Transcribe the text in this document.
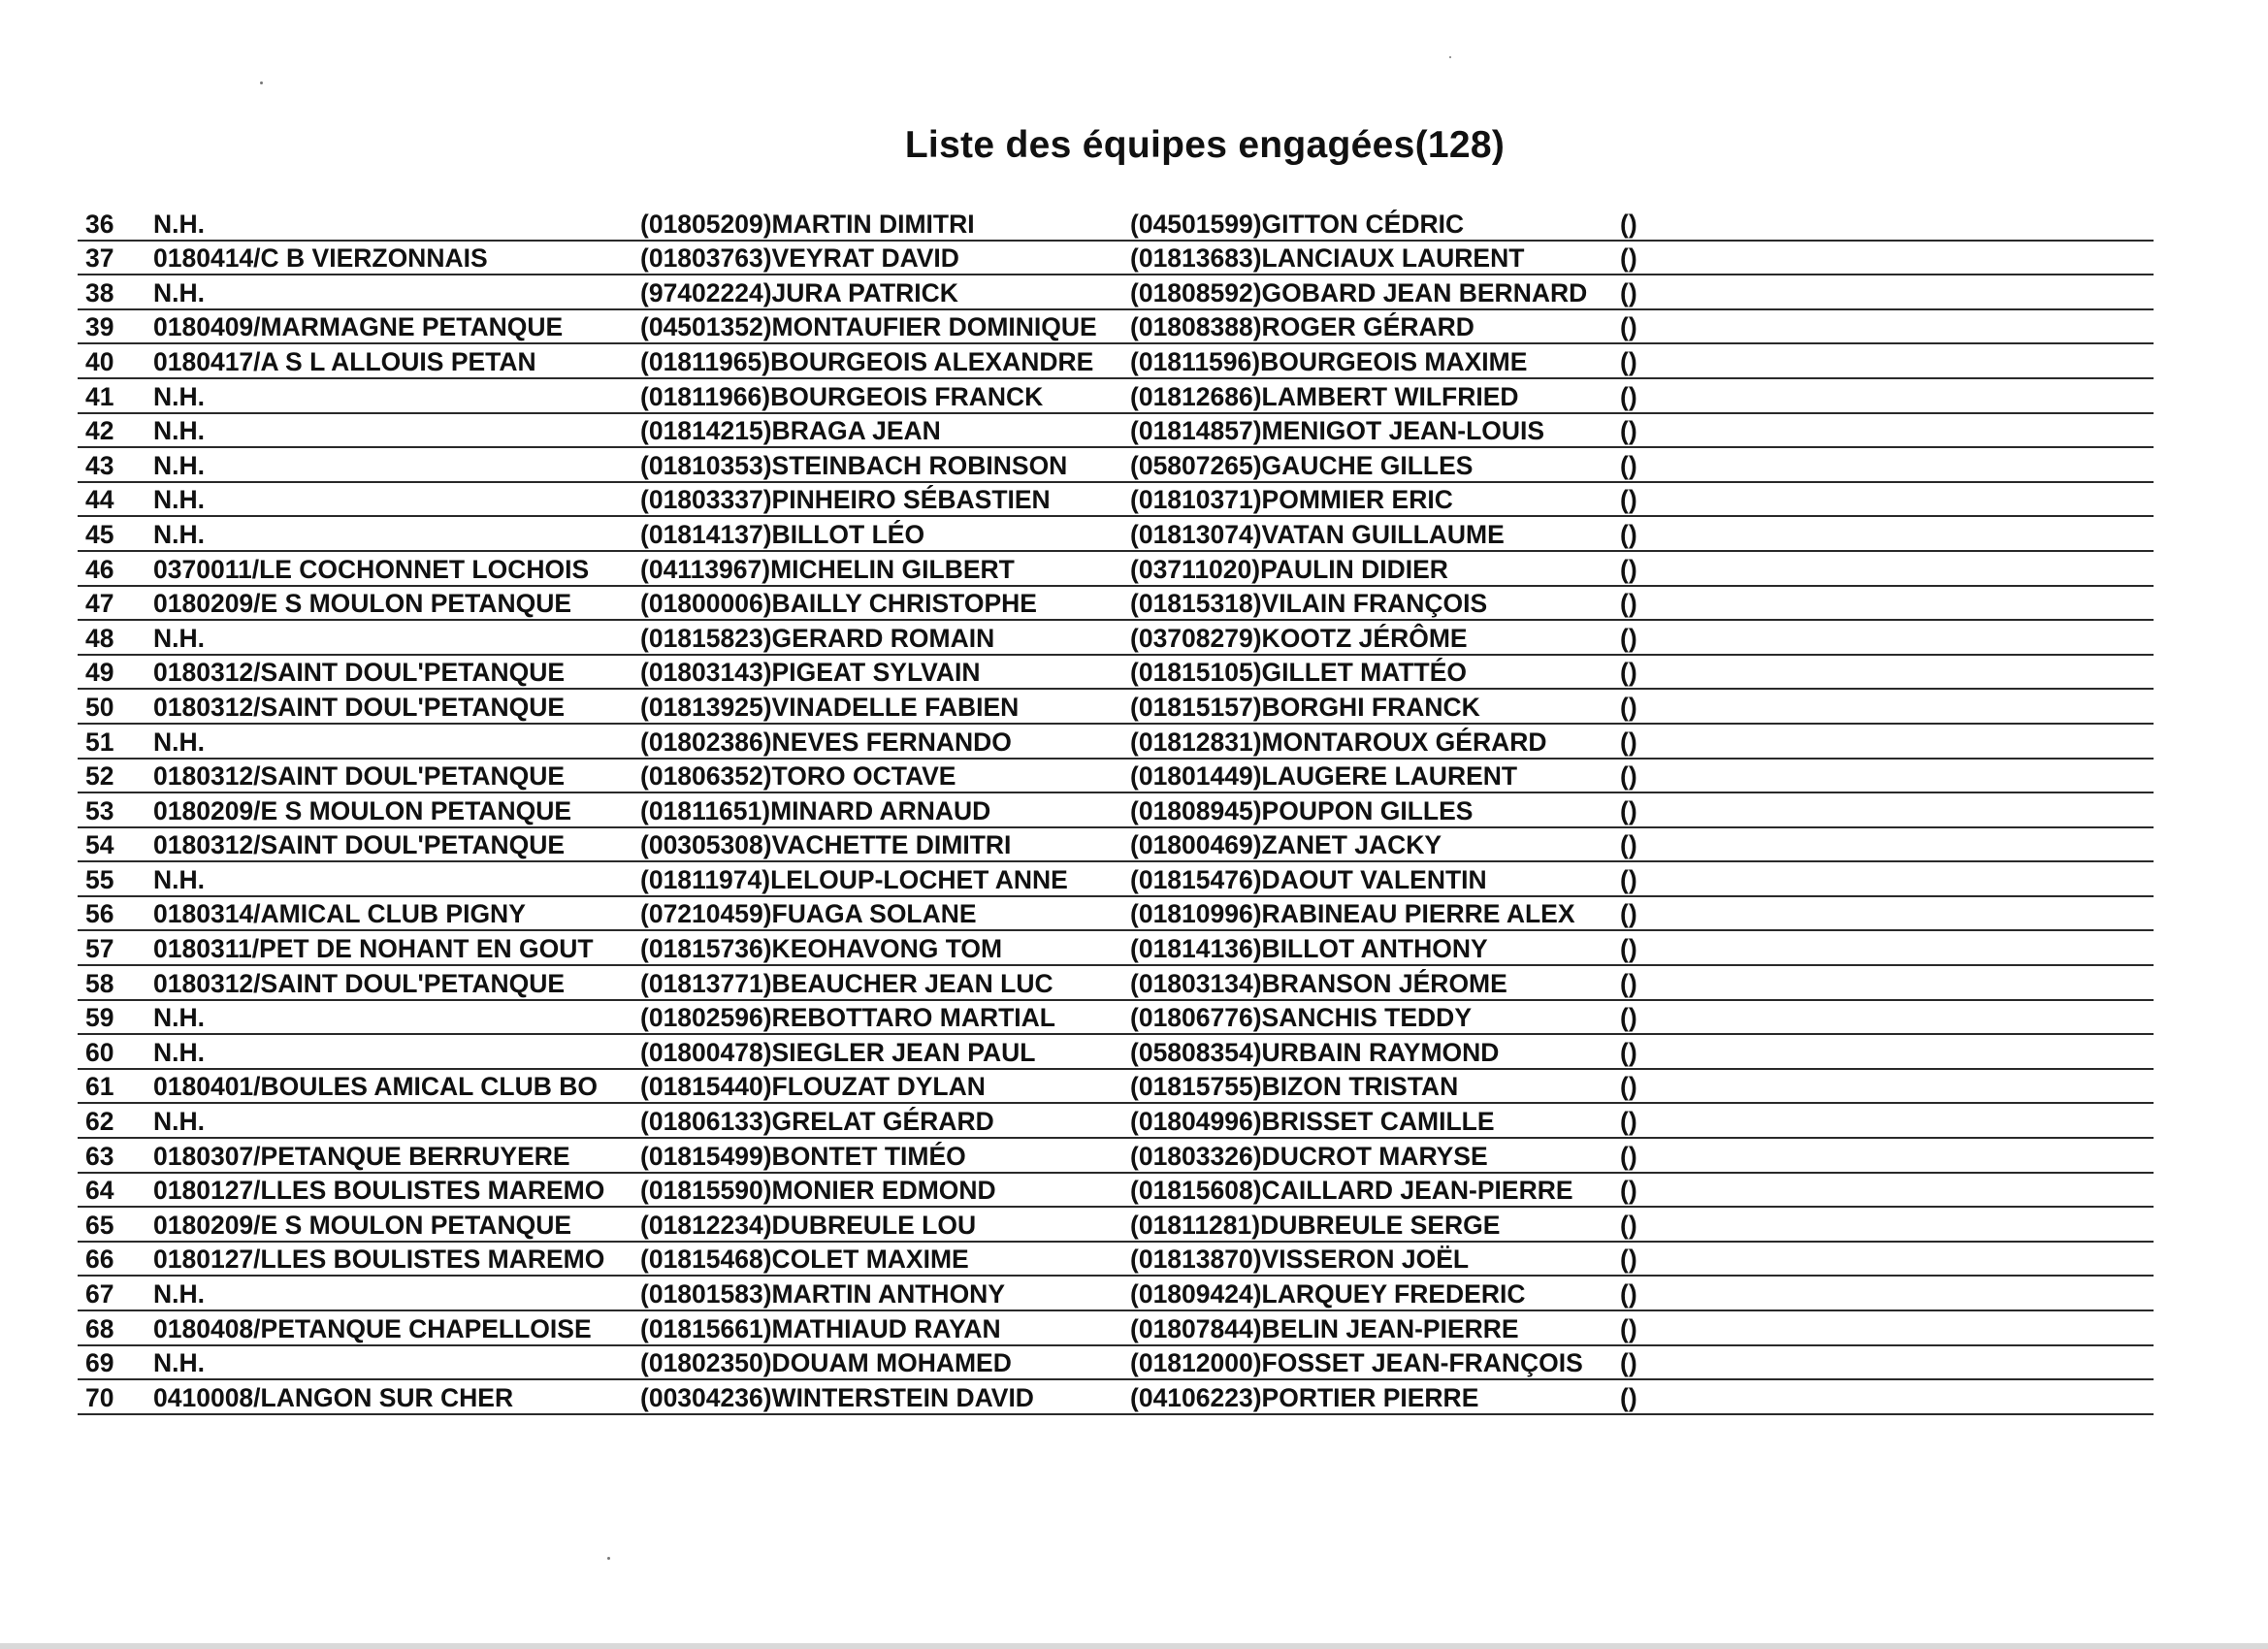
Liste des équipes engagées(128)
36 N.H.	(01805209)MARTIN DIMITRI	(04501599)GITTON CÉDRIC	()
37 0180414/C B VIERZONNAIS	(01803763)VEYRAT DAVID	(01813683)LANCIAUX LAURENT	()
38 N.H.	(97402224)JURA PATRICK	(01808592)GOBARD JEAN BERNARD ()
39 0180409/MARMAGNE PETANQUE	(04501352)MONTAUFIER DOMINIQUE (01808388)ROGER GÉRARD	()
40 0180417/A S L ALLOUIS PETAN	(01811965)BOURGEOIS ALEXANDRE (01811596)BOURGEOIS MAXIME	()
41 N.H.	(01811966)BOURGEOIS FRANCK	(01812686)LAMBERT WILFRIED	()
42 N.H.	(01814215)BRAGA JEAN	(01814857)MENIGOT JEAN-LOUIS	()
43 N.H.	(01810353)STEINBACH ROBINSON (05807265)GAUCHE GILLES	()
44 N.H.	(01803337)PINHEIRO SÉBASTIEN	(01810371)POMMIER ERIC	()
45 N.H.	(01814137)BILLOT LÉO	(01813074)VATAN GUILLAUME	()
46 0370011/LE COCHONNET LOCHOIS (04113967)MICHELIN GILBERT	(03711020)PAULIN DIDIER	()
47 0180209/E S MOULON PETANQUE	(01800006)BAILLY CHRISTOPHE	(01815318)VILAIN FRANÇOIS	()
48 N.H.	(01815823)GERARD ROMAIN	(03708279)KOOTZ JÉRÔME	()
49 0180312/SAINT DOUL'PETANQUE	(01803143)PIGEAT SYLVAIN	(01815105)GILLET MATTÉO	()
50 0180312/SAINT DOUL'PETANQUE	(01813925)VINADELLE FABIEN	(01815157)BORGHI FRANCK	()
51 N.H.	(01802386)NEVES FERNANDO	(01812831)MONTAROUX GÉRARD	()
52 0180312/SAINT DOUL'PETANQUE	(01806352)TORO OCTAVE	(01801449)LAUGERE LAURENT	()
53 0180209/E S MOULON PETANQUE	(01811651)MINARD ARNAUD	(01808945)POUPON GILLES	()
54 0180312/SAINT DOUL'PETANQUE	(00305308)VACHETTE DIMITRI	(01800469)ZANET JACKY	()
55 N.H.	(01811974)LELOUP-LOCHET ANNE (01815476)DAOUT VALENTIN	()
56 0180314/AMICAL CLUB PIGNY	(07210459)FUAGA SOLANE	(01810996)RABINEAU PIERRE ALEX ()
57 0180311/PET DE NOHANT EN GOUT (01815736)KEOHAVONG TOM	(01814136)BILLOT ANTHONY	()
58 0180312/SAINT DOUL'PETANQUE	(01813771)BEAUCHER JEAN LUC	(01803134)BRANSON JÉROME	()
59 N.H.	(01802596)REBOTTARO MARTIAL	(01806776)SANCHIS TEDDY	()
60 N.H.	(01800478)SIEGLER JEAN PAUL	(05808354)URBAIN RAYMOND	()
61 0180401/BOULES AMICAL CLUB BO (01815440)FLOUZAT DYLAN	(01815755)BIZON TRISTAN	()
62 N.H.	(01806133)GRELAT GÉRARD	(01804996)BRISSET CAMILLE	()
63 0180307/PETANQUE BERRUYERE	(01815499)BONTET TIMÉO	(01803326)DUCROT MARYSE	()
64 0180127/LLES BOULISTES MAREMO (01815590)MONIER EDMOND	(01815608)CAILLARD JEAN-PIERRE ()
65 0180209/E S MOULON PETANQUE	(01812234)DUBREULE LOU	(01811281)DUBREULE SERGE	()
66 0180127/LLES BOULISTES MAREMO (01815468)COLET MAXIME	(01813870)VISSERON JOËL	()
67 N.H.	(01801583)MARTIN ANTHONY	(01809424)LARQUEY FREDERIC	()
68 0180408/PETANQUE CHAPELLOISE (01815661)MATHIAUD RAYAN	(01807844)BELIN JEAN-PIERRE	()
69 N.H.	(01802350)DOUAM MOHAMED	(01812000)FOSSET JEAN-FRANÇOIS ()
70 0410008/LANGON SUR CHER	(00304236)WINTERSTEIN DAVID	(04106223)PORTIER PIERRE	()
